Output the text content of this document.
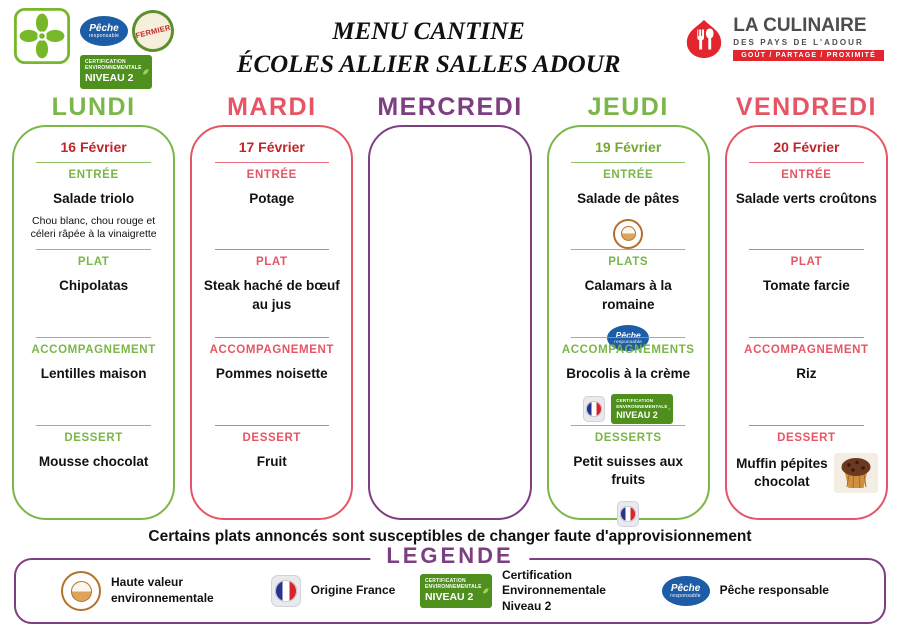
Pêche
responsable FERMIER
CERTIFICATION
ENVIRONNEMENTALE
NIVEAU 2
MENU CANTINE
ÉCOLES ALLIER SALLES ADOUR
LA CULINAIRE
DES PAYS DE L'ADOUR
GOÛT / PARTAGE / PROXIMITÉ
LUNDI
16 Février
ENTRÉE
Salade triolo
Chou blanc, chou rouge et céleri râpée à la vinaigrette
PLAT
Chipolatas
ACCOMPAGNEMENT
Lentilles maison
DESSERT
Mousse chocolat
MARDI
17 Février
ENTRÉE
Potage
PLAT
Steak haché de bœuf au jus
ACCOMPAGNEMENT
Pommes noisette
DESSERT
Fruit
MERCREDI	JEUDI
19 Février
ENTRÉE
Salade de pâtes
PLATS
Calamars à la romaine
Pêche
responsable
ACCOMPAGNEMENTS
Brocolis à la crème
CERTIFICATION
ENVIRONNEMENTALE
NIVEAU 2
DESSERTS
Petit suisses aux fruits
VENDREDI
20 Février
ENTRÉE
Salade verts croûtons
PLAT
Tomate farcie
ACCOMPAGNEMENT
Riz
DESSERT
Muffin pépites chocolat
Certains plats annoncés sont susceptibles de changer faute d'approvisionnement
LEGENDE
Haute valeur environnementale
Origine France
CERTIFICATION
ENVIRONNEMENTALE
NIVEAU 2
Certification Environnementale Niveau 2
Pêche
responsable Pêche responsable
